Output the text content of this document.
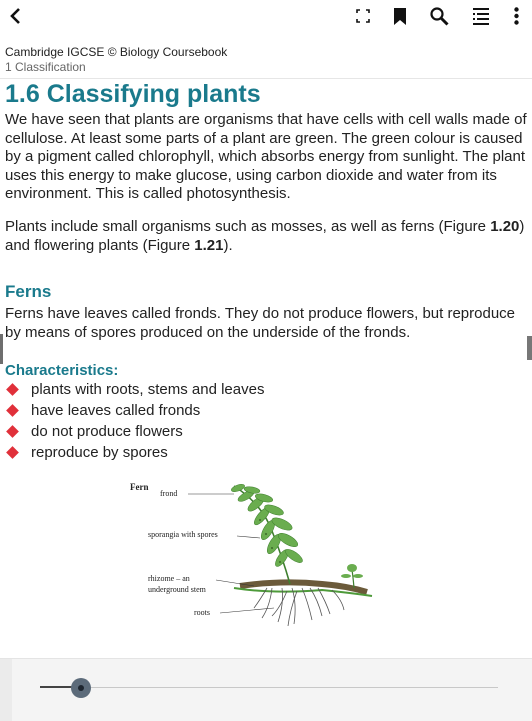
Cambridge IGCSE © Biology Coursebook
1 Classification
1.6 Classifying plants
We have seen that plants are organisms that have cells with cell walls made of cellulose. At least some parts of a plant are green. The green colour is caused by a pigment called chlorophyll, which absorbs energy from sunlight. The plant uses this energy to make glucose, using carbon dioxide and water from its environment. This is called photosynthesis.
Plants include small organisms such as mosses, as well as ferns (Figure 1.20) and flowering plants (Figure 1.21).
Ferns
Ferns have leaves called fronds. They do not produce flowers, but reproduce by means of spores produced on the underside of the fronds.
Characteristics:
plants with roots, stems and leaves
have leaves called fronds
do not produce flowers
reproduce by spores
Fern
frond
sporangia with spores
rhizome – an
underground stem
roots
